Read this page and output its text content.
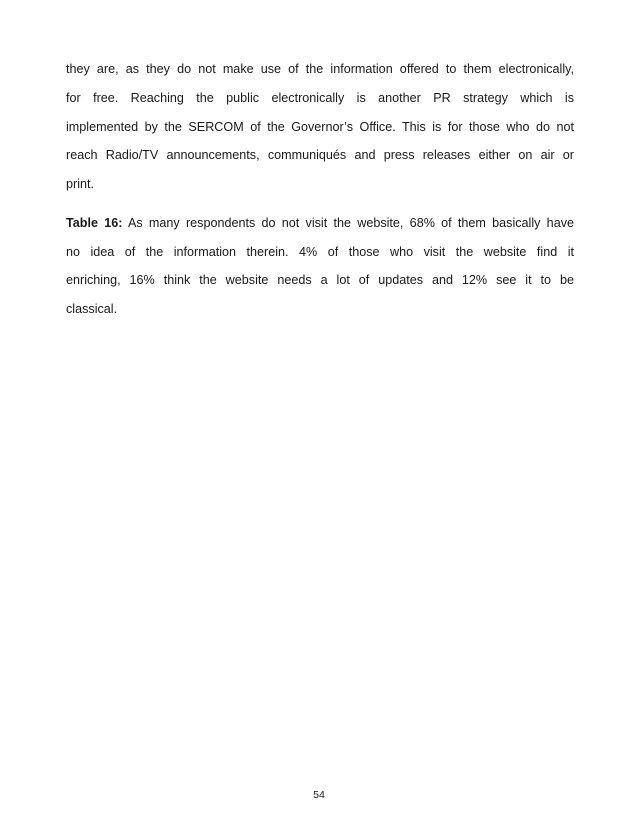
they are, as they do not make use of the information offered to them electronically,
for free. Reaching the public electronically is another PR strategy which is
implemented by the SERCOM of the Governor’s Office. This is for those who do not
reach Radio/TV announcements, communiqués and press releases either on air or
print.
Table 16: As many respondents do not visit the website, 68% of them basically have
no idea of the information therein. 4% of those who visit the website find it
enriching, 16% think the website needs a lot of updates and 12% see it to be
classical.
54
